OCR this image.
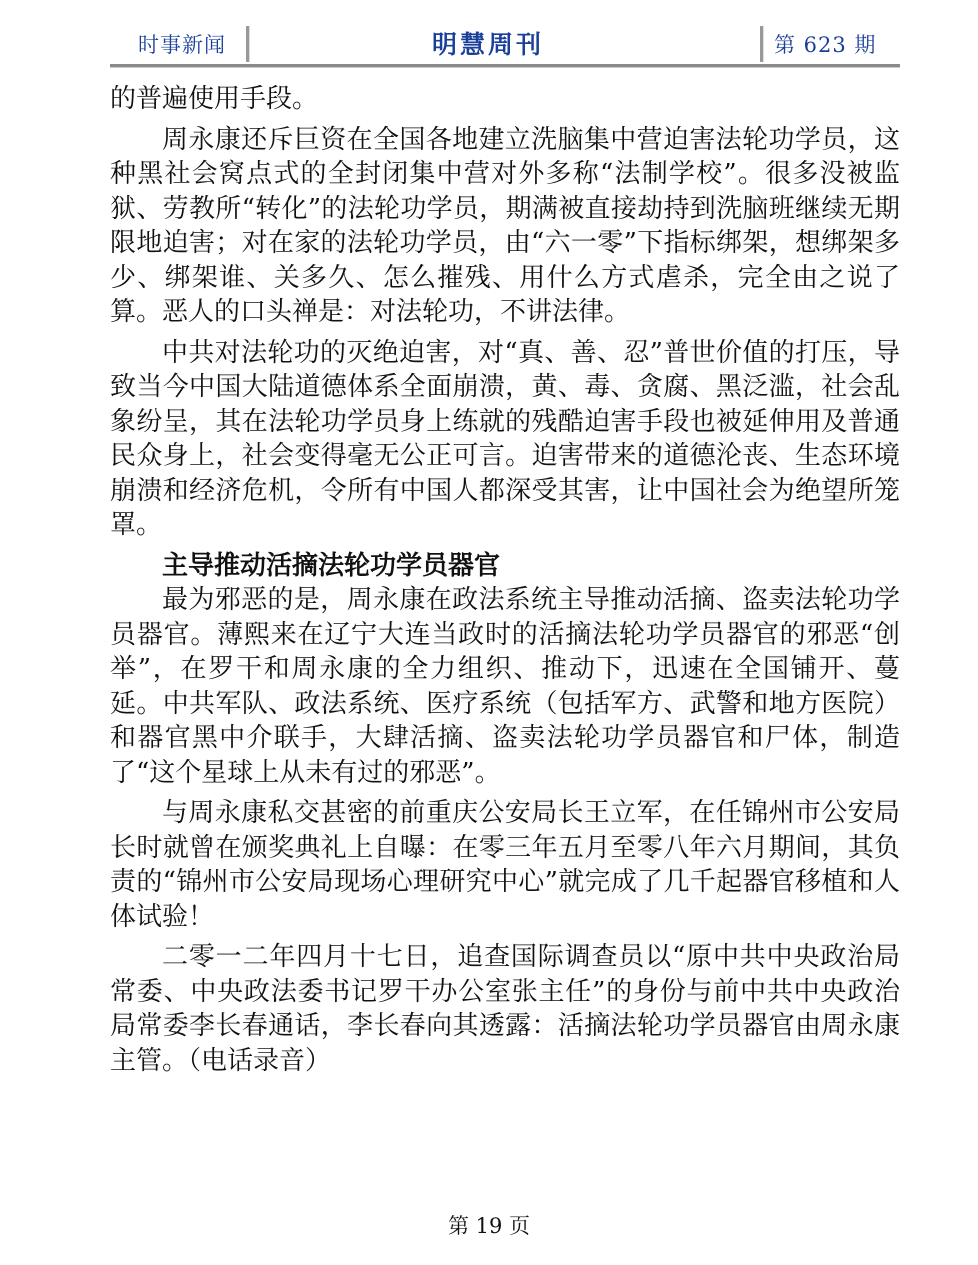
时事新闻	明慧周刊	第 623 期

的普遍使用手段。

周永康还斥巨资在全国各地建立洗脑集中营迫害法轮功学员，这种黑社会窝点式的全封闭集中营对外多称“法制学校”。很多没被监狱、劳教所“转化”的法轮功学员，期满被直接劫持到洗脑班继续无期限地迫害；对在家的法轮功学员，由“六一零”下指标绑架，想绑架多少、绑架谁、关多久、怎么摧残、用什么方式虐杀，完全由之说了算。恶人的口头禅是：对法轮功，不讲法律。

中共对法轮功的灭绝迫害，对“真、善、忍”普世价值的打压，导致当今中国大陆道德体系全面崩溃，黄、毒、贪腐、黑泛滥，社会乱象纷呈，其在法轮功学员身上练就的残酷迫害手段也被延伸用及普通民众身上，社会变得毫无公正可言。迫害带来的道德沦丧、生态环境崩溃和经济危机，令所有中国人都深受其害，让中国社会为绝望所笼罩。

主导推动活摘法轮功学员器官

最为邪恶的是，周永康在政法系统主导推动活摘、盗卖法轮功学员器官。薄熙来在辽宁大连当政时的活摘法轮功学员器官的邪恶“创举”，在罗干和周永康的全力组织、推动下，迅速在全国铺开、蔓延。中共军队、政法系统、医疗系统（包括军方、武警和地方医院）和器官黑中介联手，大肆活摘、盗卖法轮功学员器官和尸体，制造了“这个星球上从未有过的邪恶”。

与周永康私交甚密的前重庆公安局长王立军，在任锦州市公安局长时就曾在颁奖典礼上自曝：在零三年五月至零八年六月期间，其负责的“锦州市公安局现场心理研究中心”就完成了几千起器官移植和人体试验！

二零一二年四月十七日，追查国际调查员以“原中共中央政治局常委、中央政法委书记罗干办公室张主任”的身份与前中共中央政治局常委李长春通话，李长春向其透露：活摘法轮功学员器官由周永康主管。（电话录音）

第 19 页
